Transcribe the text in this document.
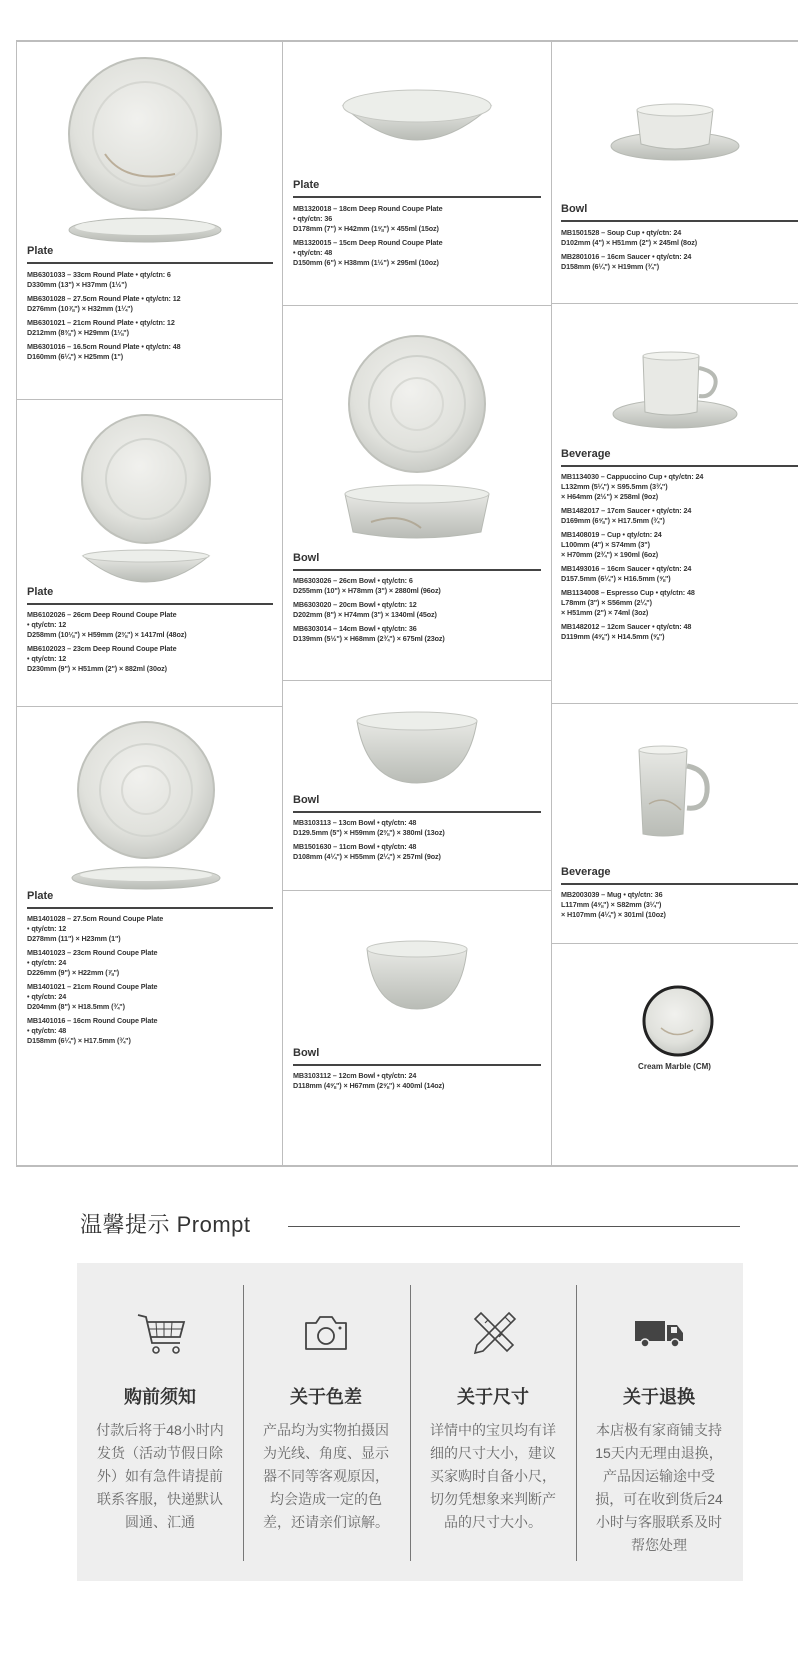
Plate

MB6301033 – 33cm Round Plate • qty/ctn: 6
D330mm (13") × H37mm (1½")

MB6301028 – 27.5cm Round Plate • qty/ctn: 12
D276mm (10⅞") × H32mm (1¼")

MB6301021 – 21cm Round Plate • qty/ctn: 12
D212mm (8⅜") × H29mm (1⅛")

MB6301016 – 16.5cm Round Plate • qty/ctn: 48
D160mm (6¼") × H25mm (1")

Plate

MB6102026 – 26cm Deep Round Coupe Plate
• qty/ctn: 12
D258mm (10⅛") × H59mm (2⅜") × 1417ml (48oz)

MB6102023 – 23cm Deep Round Coupe Plate
• qty/ctn: 12
D230mm (9") × H51mm (2") × 882ml (30oz)

Plate

MB1401028 – 27.5cm Round Coupe Plate
• qty/ctn: 12
D278mm (11") × H23mm (1")

MB1401023 – 23cm Round Coupe Plate
• qty/ctn: 24
D226mm (9") × H22mm (⅞")

MB1401021 – 21cm Round Coupe Plate
• qty/ctn: 24
D204mm (8") × H18.5mm (¾")

MB1401016 – 16cm Round Coupe Plate
• qty/ctn: 48
D158mm (6¼") × H17.5mm (¾")

Plate

MB1320018 – 18cm Deep Round Coupe Plate
• qty/ctn: 36
D178mm (7") × H42mm (1⅝") × 455ml (15oz)

MB1320015 – 15cm Deep Round Coupe Plate
• qty/ctn: 48
D150mm (6") × H38mm (1½") × 295ml (10oz)

Bowl

MB6303026 – 26cm Bowl • qty/ctn: 6
D255mm (10") × H78mm (3") × 2880ml (96oz)

MB6303020 – 20cm Bowl • qty/ctn: 12
D202mm (8") × H74mm (3") × 1340ml (45oz)

MB6303014 – 14cm Bowl • qty/ctn: 36
D139mm (5½") × H68mm (2¾") × 675ml (23oz)

Bowl

MB3103113 – 13cm Bowl • qty/ctn: 48
D129.5mm (5") × H59mm (2⅜") × 380ml (13oz)

MB1501630 – 11cm Bowl • qty/ctn: 48
D108mm (4¼") × H55mm (2¼") × 257ml (9oz)

Bowl

MB3103112 – 12cm Bowl • qty/ctn: 24
D118mm (4⅝") × H67mm (2⅝") × 400ml (14oz)

Bowl

MB1501528 – Soup Cup • qty/ctn: 24
D102mm (4") × H51mm (2") × 245ml (8oz)

MB2801016 – 16cm Saucer • qty/ctn: 24
D158mm (6¼") × H19mm (¾")

Beverage

MB1134030 – Cappuccino Cup • qty/ctn: 24
L132mm (5¼") × S95.5mm (3¾")
× H64mm (2½") × 258ml (9oz)

MB1482017 – 17cm Saucer • qty/ctn: 24
D169mm (6⅝") × H17.5mm (¾")

MB1408019 – Cup • qty/ctn: 24
L100mm (4") × S74mm (3")
× H70mm (2¾") × 190ml (6oz)

MB1493016 – 16cm Saucer • qty/ctn: 24
D157.5mm (6¼") × H16.5mm (⅝")

MB1134008 – Espresso Cup • qty/ctn: 48
L78mm (3") × S56mm (2¼")
× H51mm (2") × 74ml (3oz)

MB1482012 – 12cm Saucer • qty/ctn: 48
D119mm (4⅝") × H14.5mm (⅝")

Beverage

MB2003039 – Mug • qty/ctn: 36
L117mm (4⅝") × S82mm (3¼")
× H107mm (4¼") × 301ml (10oz)

Cream Marble (CM)
温馨提示 Prompt
购前须知
付款后将于48小时内发货（活动节假日除外）如有急件请提前联系客服，快递默认圆通、汇通
关于色差
产品均为实物拍摄因为光线、角度、显示器不同等客观原因，均会造成一定的色差，还请亲们谅解。
关于尺寸
详情中的宝贝均有详细的尺寸大小，建议买家购时自备小尺，切勿凭想象来判断产品的尺寸大小。
关于退换
本店极有家商铺支持15天内无理由退换，产品因运输途中受损，可在收到货后24小时与客服联系及时帮您处理
